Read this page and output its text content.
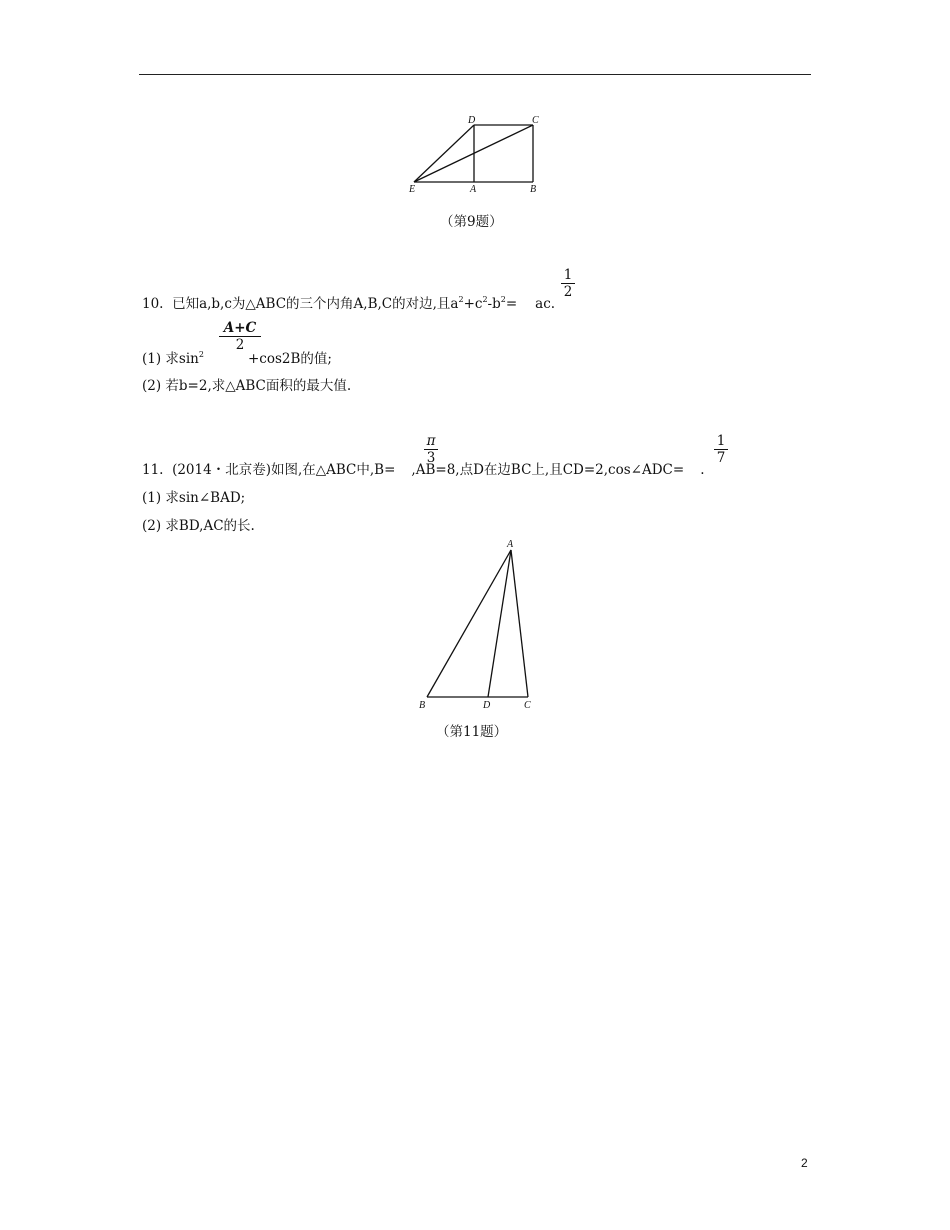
D	C
E	A	B
（第9题）
$\frac{1}{2}$
10. 已知a,b,c为△ABC的三个内角A,B,C的对边,且$a^2+c^2-b^2=$ ac.
$\frac{A+C}{2}$
(1) 求$\sin^2$	+cos2B的值;
(2) 若b=2,求△ABC面积的最大值.
$\frac{\pi}{3}$	$\frac{1}{7}$
11. (2014・北京卷)如图,在△ABC中,B= ,AB=8,点D在边BC上,且CD=2,cos∠ADC= .
(1) 求sin∠BAD;
(2) 求BD,AC的长.
A
B	D	C
（第11题）
2
